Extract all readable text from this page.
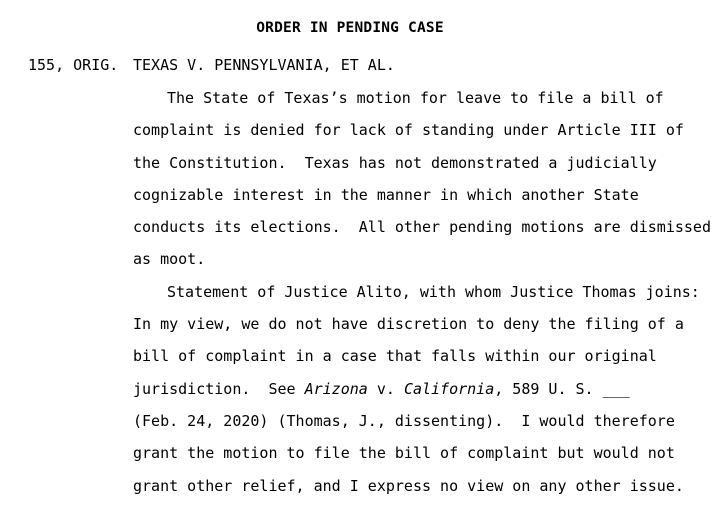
ORDER IN PENDING CASE
155, ORIG. TEXAS V. PENNSYLVANIA, ET AL.
The State of Texas’s motion for leave to file a bill of
complaint is denied for lack of standing under Article III of
the Constitution.  Texas has not demonstrated a judicially
cognizable interest in the manner in which another State
conducts its elections.  All other pending motions are dismissed
as moot.
Statement of Justice Alito, with whom Justice Thomas joins:
In my view, we do not have discretion to deny the filing of a
bill of complaint in a case that falls within our original
jurisdiction.  See Arizona v. California, 589 U. S. ___
(Feb. 24, 2020) (Thomas, J., dissenting).  I would therefore
grant the motion to file the bill of complaint but would not
grant other relief, and I express no view on any other issue.
